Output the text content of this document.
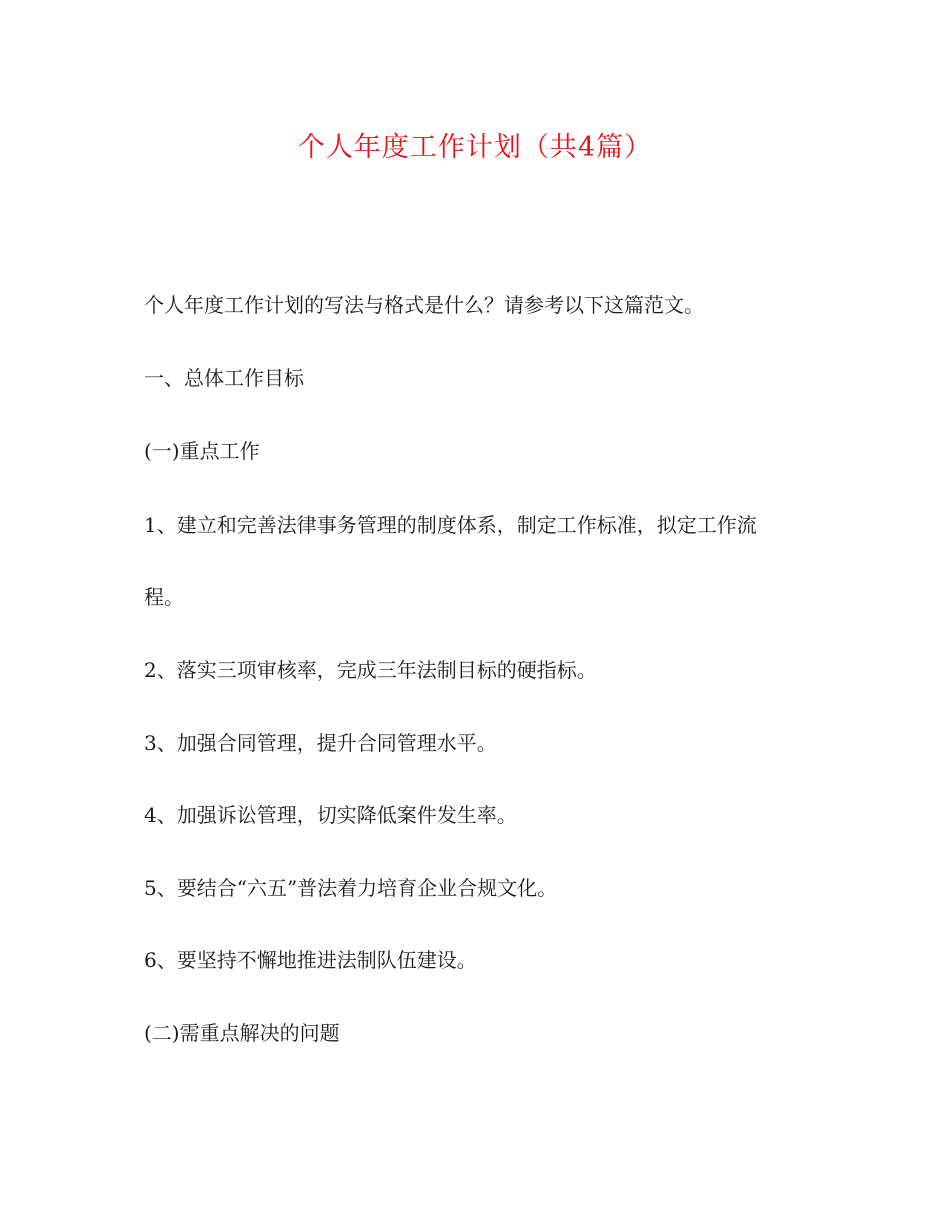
个人年度工作计划（共4篇）
个人年度工作计划的写法与格式是什么？请参考以下这篇范文。
一、总体工作目标
(一)重点工作
1、建立和完善法律事务管理的制度体系，制定工作标准，拟定工作流
程。
2、落实三项审核率，完成三年法制目标的硬指标。
3、加强合同管理，提升合同管理水平。
4、加强诉讼管理，切实降低案件发生率。
5、要结合“六五”普法着力培育企业合规文化。
6、要坚持不懈地推进法制队伍建设。
(二)需重点解决的问题
